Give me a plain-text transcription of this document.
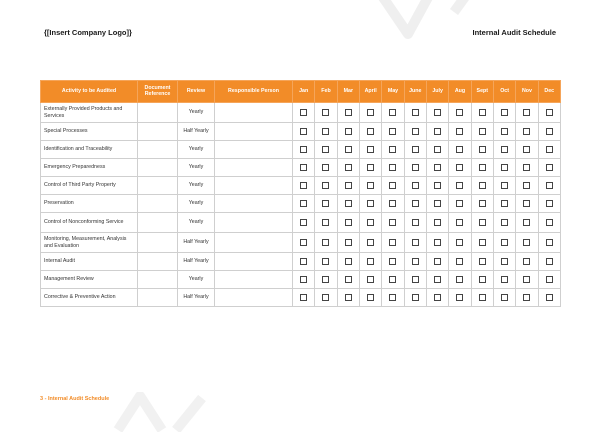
{[Insert Company Logo]}	Internal Audit Schedule
Activity to be Audited	Document Reference	Review	Responsible Person	Jan	Feb	Mar	April	May	June	July	Aug	Sept	Oct	Nov	Dec
Externally Provided Products and Services		Yearly													
Special Processes		Half Yearly													
Identification and Traceability		Yearly													
Emergency Preparedness		Yearly													
Control of Third Party Property		Yearly													
Preservation		Yearly													
Control of Nonconforming Service		Yearly													
Monitoring, Measurement, Analysis and Evaluation		Half Yearly													
Internal Audit		Half Yearly													
Management Review		Yearly													
Corrective & Preventive Action		Half Yearly													
3 - Internal Audit Schedule
